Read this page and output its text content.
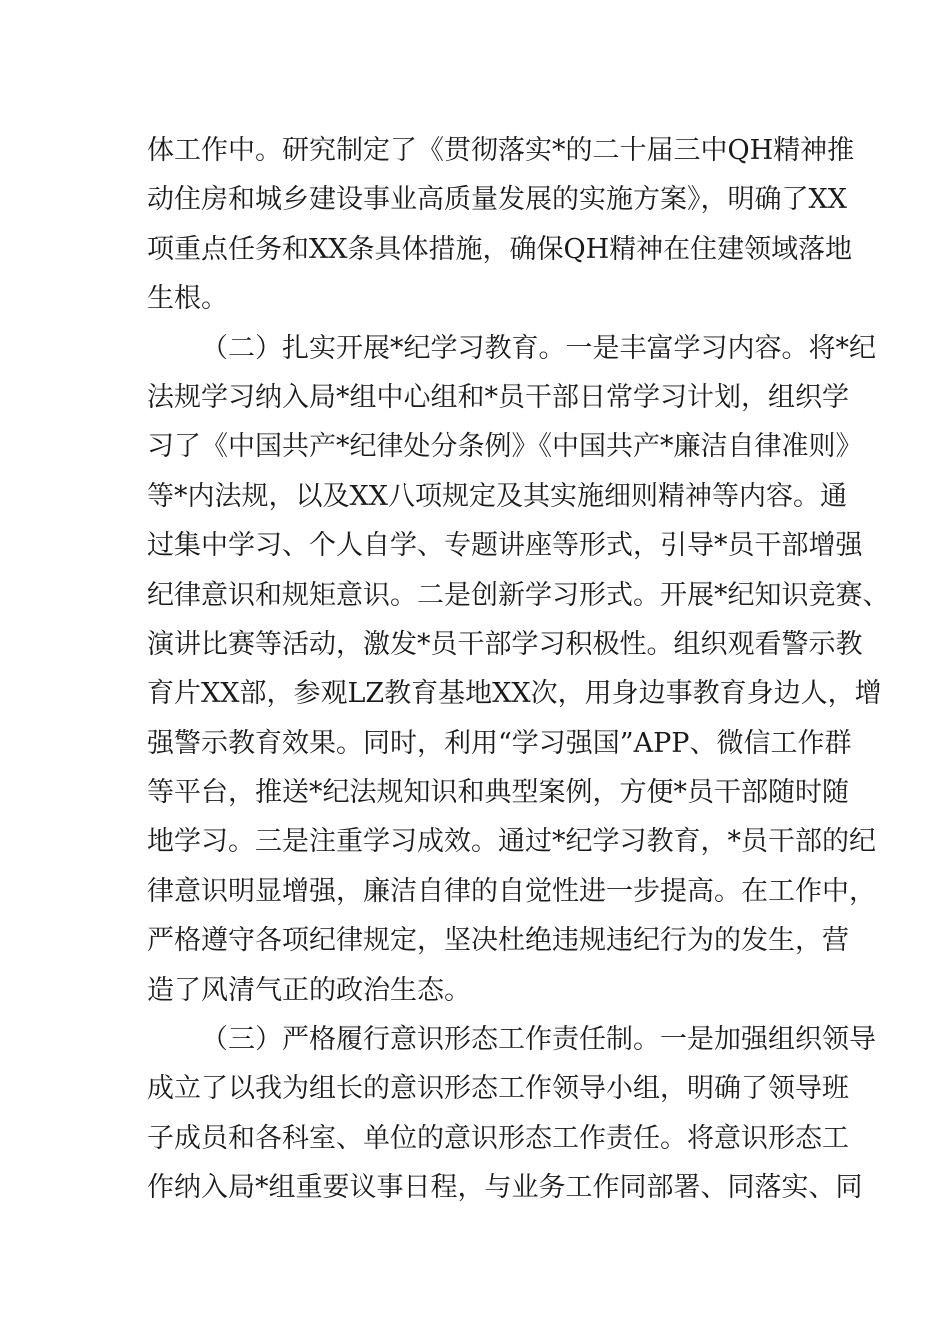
体工作中。研究制定了《贯彻落实*的二十届三中QH精神推
动住房和城乡建设事业高质量发展的实施方案》，明确了XX
项重点任务和XX条具体措施，确保QH精神在住建领域落地
生根。
（二）扎实开展*纪学习教育。一是丰富学习内容。将*纪
法规学习纳入局*组中心组和*员干部日常学习计划，组织学
习了《中国共产*纪律处分条例》《中国共产*廉洁自律准则》
等*内法规，以及XX八项规定及其实施细则精神等内容。通
过集中学习、个人自学、专题讲座等形式，引导*员干部增强
纪律意识和规矩意识。二是创新学习形式。开展*纪知识竞赛、
演讲比赛等活动，激发*员干部学习积极性。组织观看警示教
育片XX部，参观LZ教育基地XX次，用身边事教育身边人，增
强警示教育效果。同时，利用“学习强国”APP、微信工作群
等平台，推送*纪法规知识和典型案例，方便*员干部随时随
地学习。三是注重学习成效。通过*纪学习教育，*员干部的纪
律意识明显增强，廉洁自律的自觉性进一步提高。在工作中，
严格遵守各项纪律规定，坚决杜绝违规违纪行为的发生，营
造了风清气正的政治生态。
（三）严格履行意识形态工作责任制。一是加强组织领导
成立了以我为组长的意识形态工作领导小组，明确了领导班
子成员和各科室、单位的意识形态工作责任。将意识形态工
作纳入局*组重要议事日程，与业务工作同部署、同落实、同
